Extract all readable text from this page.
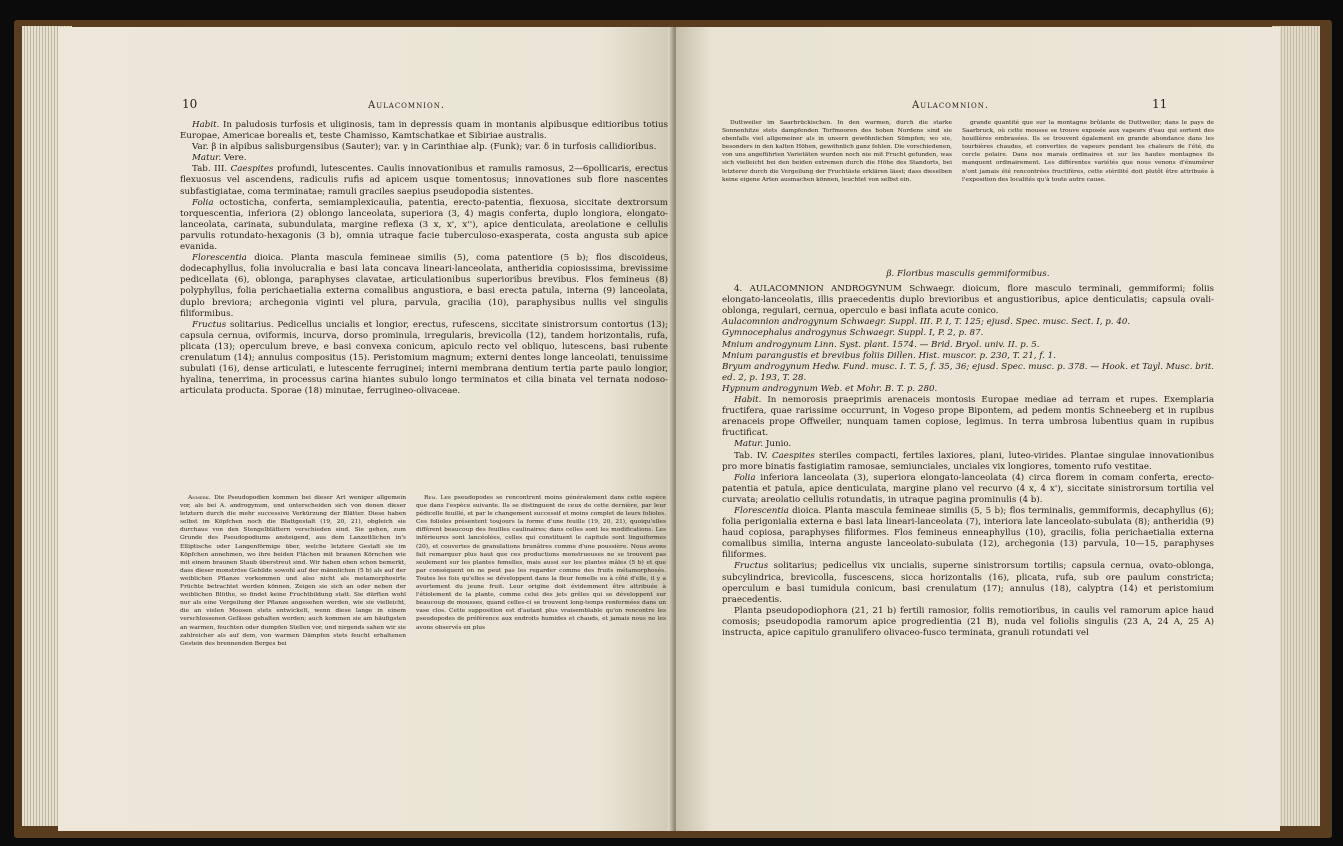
10	Aulacomnion.

Habit. In paludosis turfosis et uliginosis, tam in depressis quam in montanis alpibusque editioribus totius Europae, Americae borealis et, teste Chamisso, Kamtschatkae et Sibiriae australis.

Var. β in alpibus salisburgensibus (Sauter); var. γ in Carinthiae alp. (Funk); var. δ in turfosis callidioribus.

Matur. Vere.

Tab. III. Caespites profundi, lutescentes. Caulis innovationibus et ramulis ramosus, 2—6pollicaris, erectus flexuosus vel ascendens, radiculis rufis ad apicem usque tomentosus; innovationes sub flore nascentes subfastigiatae, coma terminatae; ramuli graciles saepius pseudopodia sistentes.

Folia octosticha, conferta, semiamplexicaulia, patentia, erecto-patentia, flexuosa, siccitate dextrorsum torquescentia, inferiora (2) oblongo lanceolata, superiora (3, 4) magis conferta, duplo longiora, elongato-lanceolata, carinata, subundulata, margine reflexa (3 x, x', x''), apice denticulata, areolatione e cellulis parvulis rotundato-hexagonis (3 b), omnia utraque facie tuberculoso-exasperata, costa angusta sub apice evanida.

Florescentia dioica. Planta mascula femineae similis (5), coma patentiore (5 b); flos discoideus, dodecaphyllus, folia involucralia e basi lata concava lineari-lanceolata, antheridia copiosissima, brevissime pedicellata (6), oblonga, paraphyses clavatae, articulationibus superioribus brevibus. Flos femineus (8) polyphyllus, folia perichaetialia externa comalibus angustiora, e basi erecta patula, interna (9) lanceolata, duplo breviora; archegonia viginti vel plura, parvula, gracilia (10), paraphysibus nullis vel singulis filiformibus.

Fructus solitarius. Pedicellus uncialis et longior, erectus, rufescens, siccitate sinistrorsum contortus (13); capsula cernua, oviformis, incurva, dorso prominula, irregularis, brevicolla (12), tandem horizontalis, rufa, plicata (13); operculum breve, e basi convexa conicum, apiculo recto vel obliquo, lutescens, basi rubente crenulatum (14); annulus compositus (15). Peristomium magnum; externi dentes longe lanceolati, tenuissime subulati (16), dense articulati, e lutescente ferruginei; interni membrana dentium tertia parte paulo longior, hyalina, tenerrima, in processus carina hiantes subulo longo terminatos et cilia binata vel ternata nodoso-articulata producta. Sporae (18) minutae, ferrugineo-olivaceae.

Anmerk. Die Pseudopodien kommen bei dieser Art weniger allgemein vor, als bei A. androgynum, und unterscheiden sich von denen dieser letztern durch die mehr successive Verkürzung der Blätter. Diese haben selbst im Köpfchen noch die Blattgestalt (19, 20, 21), obgleich sie durchaus von den Stengelblättern verschieden sind. Sie gehen, zum Grunde des Pseudopodiums ansteigend, aus dem Lanzettlichen in's Elliptische oder Langenförmige über, welche letztere Gestalt sie im Köpfchen annehmen, wo ihre beiden Flächen mit braunen Körnchen wie mit einem braunen Staub überstreut sind. Wir haben eben schon bemerkt, dass dieser monströse Gebilde sowohl auf der männlichen (5 b) als auf der weiblichen Pflanze vorkommen und also nicht als metamorphosirte Früchte betrachtet werden können. Zeigen sie sich an oder neben der weiblichen Blüthe, so findet keine Fruchtbildung statt. Sie dürften wohl nur als eine Vergeilung der Pflanze angesehen werden, wie sie vielleicht, die an vielen Moosen stets entwickelt, wenn diese lange in einem verschlossenen Gefässe gehalten werden; auch kommen sie am häufigsten an warmen, feuchten oder dumpfen Stellen vor, und nirgends sahen wir sie zahlreicher als auf dem, von warmen Dämpfen stets feucht erhaltenen Gestein des brennenden Berges bei

Rem. Les pseudopodes se rencontrent moins généralement dans cette espèce que dans l'espèce suivante. Ils se distinguent de ceux de cette dernière, par leur pédicelle feuillé, et par le changement successif et moins complet de leurs folioles. Ces folioles présentent toujours la forme d'une feuille (19, 20, 21), quoiqu'elles diffèrent beaucoup des feuilles caulinaires; dans celles sont les modifications. Les inférieures sont lancéolées, celles qui constituent le capitule sont linguiformes (20), et couvertes de granulations brunâtres comme d'une poussière. Nous avons fait remarquer plus haut que ces productions monstrueuses ne se trouvent pas seulement sur les plantes femelles, mais aussi sur les plantes mâles (5 b) et que par conséquent on ne peut pas les regarder comme des fruits métamorphosés. Toutes les fois qu'elles se développent dans la fleur femelle ou à côté d'elle, il y a avortement du jeune fruit. Leur origine doit évidemment être attribuée à l'étiolement de la plante, comme celui des jets grêles qui se développent sur beaucoup de mousses, quand celles-ci se trouvent long-temps renfermées dans un vase clos. Cette supposition est d'autant plus vraisemblable qu'on rencontre les pseudopodes de préférence aux endroits humides et chauds, et jamais nous ne les avons observés en plus

Aulacomnion.	11

Duttweiler im Saarbrückischen. In den warmen, durch die starke Sonnenhitze stets dampfenden Torfmooren des hohen Nordens sind sie ebenfalls viel allgemeiner als in unsern gewöhnlichen Sümpfen; wo sie, besonders in den kalten Höhen, gewöhnlich ganz fehlen. Die vorschiedenen, von uns angeführten Varietäten wurden noch nie mit Frucht gefunden, was sich vielleicht bei den beiden extremen durch die Höhe des Standorts, bei letzterer durch die Vergeilung der Fruchtäste erklären lässt; dass dieselben keine eigene Arten ausmachen können, leuchtet von selbst ein.

grande quantité que sur la montagne brûlante de Duttweiler, dans le pays de Saarbruck, où cette mousse se trouve exposée aux vapeurs d'eau qui sortent des houillères embrasées. Ils se trouvent également en grande abondance dans les tourbières chaudes, et converties de vapeurs pendant les chaleurs de l'été, du cercle polaire. Dans nos marais ordinaires et sur les hautes montagnes ils manquent ordinairement. Les différentes variétés que nous venons d'énumérer n'ont jamais été rencontrées fructifères, cette stérilité doit plutôt être attribuée à l'exposition des localités qu'à toute autre cause.

β. Floribus masculis gemmiformibus.

4. AULACOMNION ANDROGYNUM Schwaegr. dioicum, flore masculo terminali, gemmiformi; foliis elongato-lanceolatis, illis praecedentis duplo brevioribus et angustioribus, apice denticulatis; capsula ovali-oblonga, regulari, cernua, operculo e basi inflata acute conico.

Aulacomnion androgynum Schwaegr. Suppl. III. P. I, T. 125; ejusd. Spec. musc. Sect. I, p. 40.

Gymnocephalus androgynus Schwaegr. Suppl. I, P. 2, p. 87.

Mnium androgynum Linn. Syst. plant. 1574. — Brid. Bryol. univ. II. p. 5.

Mnium parangustis et brevibus foliis Dillen. Hist. muscor. p. 230, T. 21, f. 1.

Bryum androgynum Hedw. Fund. musc. I. T. 5, f. 35, 36; ejusd. Spec. musc. p. 378. — Hook. et Tayl. Musc. brit. ed. 2, p. 193, T. 28.

Hypnum androgynum Web. et Mohr. B. T. p. 280.

Habit. In nemorosis praeprimis arenaceis montosis Europae mediae ad terram et rupes. Exemplaria fructifera, quae rarissime occurrunt, in Vogeso prope Bipontem, ad pedem montis Schneeberg et in rupibus arenaceis prope Offweiler, nunquam tamen copiose, legimus. In terra umbrosa lubentius quam in rupibus fructificat.

Matur. Junio.

Tab. IV. Caespites steriles compacti, fertiles laxiores, plani, luteo-virides. Plantae singulae innovationibus pro more binatis fastigiatim ramosae, semiunciales, unciales vix longiores, tomento rufo vestitae.

Folia inferiora lanceolata (3), superiora elongato-lanceolata (4) circa florem in comam conferta, erecto-patentia et patula, apice denticulata, margine plano vel recurvo (4 x, 4 x'), siccitate sinistrorsum tortilia vel curvata; areolatio cellulis rotundatis, in utraque pagina prominulis (4 b).

Florescentia dioica. Planta mascula femineae similis (5, 5 b); flos terminalis, gemmiformis, decaphyllus (6); folia perigonialia externa e basi lata lineari-lanceolata (7), interiora late lanceolato-subulata (8); antheridia (9) haud copiosa, paraphyses filiformes. Flos femineus enneaphyllus (10), gracilis, folia perichaetialia externa comalibus similia, interna anguste lanceolato-subulata (12), archegonia (13) parvula, 10—15, paraphyses filiformes.

Fructus solitarius; pedicellus vix uncialis, superne sinistrorsum tortilis; capsula cernua, ovato-oblonga, subcylindrica, brevicolla, fuscescens, sicca horizontalis (16), plicata, rufa, sub ore paulum constricta; operculum e basi tumidula conicum, basi crenulatum (17); annulus (18), calyptra (14) et peristomium praecedentis.

Planta pseudopodiophora (21, 21 b) fertili ramosior, foliis remotioribus, in caulis vel ramorum apice haud comosis; pseudopodia ramorum apice progredientia (21 B), nuda vel foliolis singulis (23 A, 24 A, 25 A) instructa, apice capitulo granulifero olivaceo-fusco terminata, granuli rotundati vel
